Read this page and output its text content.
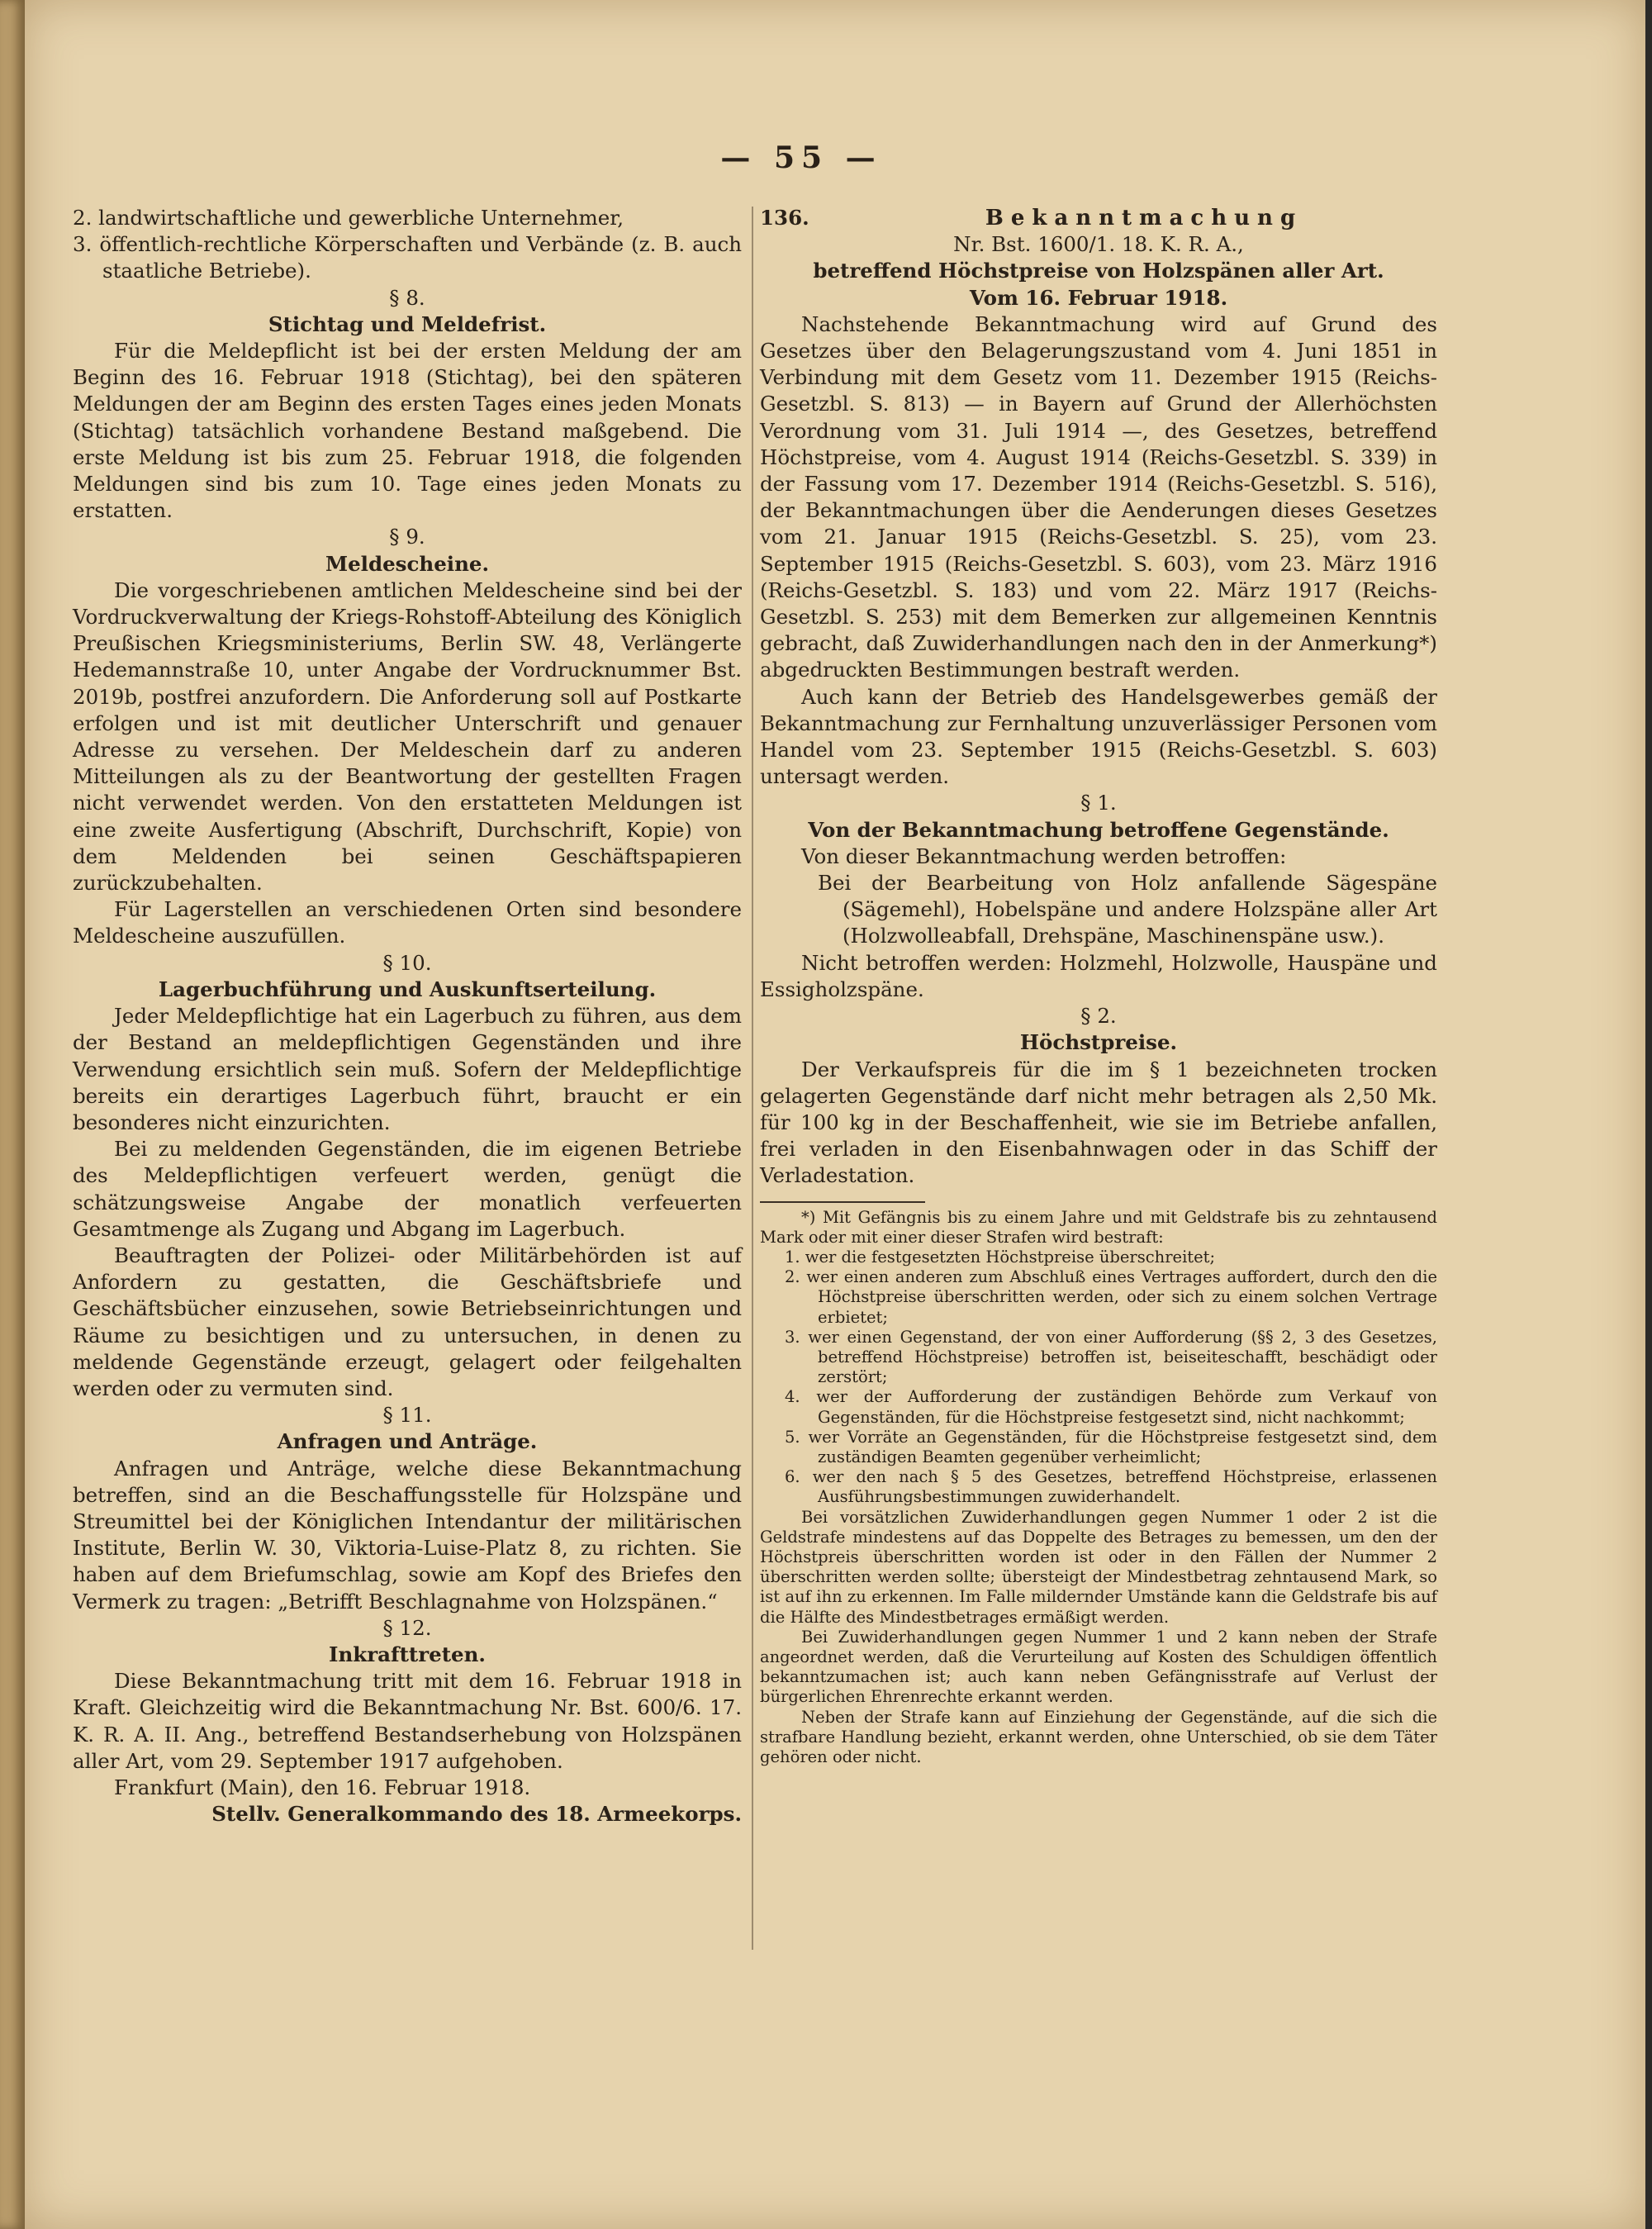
— 55 —

2. landwirtschaftliche und gewerbliche Unternehmer,

3. öffentlich-rechtliche Körperschaften und Verbände (z. B. auch staatliche Betriebe).

§ 8.

Stichtag und Meldefrist.

Für die Meldepflicht ist bei der ersten Meldung der am Beginn des 16. Februar 1918 (Stichtag), bei den späteren Meldungen der am Beginn des ersten Tages eines jeden Monats (Stichtag) tatsächlich vorhandene Bestand maßgebend. Die erste Meldung ist bis zum 25. Februar 1918, die folgenden Meldungen sind bis zum 10. Tage eines jeden Monats zu erstatten.

§ 9.

Meldescheine.

Die vorgeschriebenen amtlichen Meldescheine sind bei der Vordruckverwaltung der Kriegs-Rohstoff-Abteilung des Königlich Preußischen Kriegsministeriums, Berlin SW. 48, Verlängerte Hedemannstraße 10, unter Angabe der Vordrucknummer Bst. 2019b, postfrei anzufordern. Die Anforderung soll auf Postkarte erfolgen und ist mit deutlicher Unterschrift und genauer Adresse zu versehen. Der Meldeschein darf zu anderen Mitteilungen als zu der Beantwortung der gestellten Fragen nicht verwendet werden. Von den erstatteten Meldungen ist eine zweite Ausfertigung (Abschrift, Durchschrift, Kopie) von dem Meldenden bei seinen Geschäftspapieren zurückzubehalten.

Für Lagerstellen an verschiedenen Orten sind besondere Meldescheine auszufüllen.

§ 10.

Lagerbuchführung und Auskunftserteilung.

Jeder Meldepflichtige hat ein Lagerbuch zu führen, aus dem der Bestand an meldepflichtigen Gegenständen und ihre Verwendung ersichtlich sein muß. Sofern der Meldepflichtige bereits ein derartiges Lagerbuch führt, braucht er ein besonderes nicht einzurichten.

Bei zu meldenden Gegenständen, die im eigenen Betriebe des Meldepflichtigen verfeuert werden, genügt die schätzungsweise Angabe der monatlich verfeuerten Gesamtmenge als Zugang und Abgang im Lagerbuch.

Beauftragten der Polizei- oder Militärbehörden ist auf Anfordern zu gestatten, die Geschäftsbriefe und Geschäftsbücher einzusehen, sowie Betriebseinrichtungen und Räume zu besichtigen und zu untersuchen, in denen zu meldende Gegenstände erzeugt, gelagert oder feilgehalten werden oder zu vermuten sind.

§ 11.

Anfragen und Anträge.

Anfragen und Anträge, welche diese Bekanntmachung betreffen, sind an die Beschaffungsstelle für Holzspäne und Streumittel bei der Königlichen Intendantur der militärischen Institute, Berlin W. 30, Viktoria-Luise-Platz 8, zu richten. Sie haben auf dem Briefumschlag, sowie am Kopf des Briefes den Vermerk zu tragen: „Betrifft Beschlagnahme von Holzspänen.“

§ 12.

Inkrafttreten.

Diese Bekanntmachung tritt mit dem 16. Februar 1918 in Kraft. Gleichzeitig wird die Bekanntmachung Nr. Bst. 600/6. 17. K. R. A. II. Ang., betreffend Bestandserhebung von Holzspänen aller Art, vom 29. September 1917 aufgehoben.

Frankfurt (Main), den 16. Februar 1918.

Stellv. Generalkommando des 18. Armeekorps.

136.	Bekanntmachung

Nr. Bst. 1600/1. 18. K. R. A.,

betreffend Höchstpreise von Holzspänen aller Art.

Vom 16. Februar 1918.

Nachstehende Bekanntmachung wird auf Grund des Gesetzes über den Belagerungszustand vom 4. Juni 1851 in Verbindung mit dem Gesetz vom 11. Dezember 1915 (Reichs-Gesetzbl. S. 813) — in Bayern auf Grund der Allerhöchsten Verordnung vom 31. Juli 1914 —, des Gesetzes, betreffend Höchstpreise, vom 4. August 1914 (Reichs-Gesetzbl. S. 339) in der Fassung vom 17. Dezember 1914 (Reichs-Gesetzbl. S. 516), der Bekanntmachungen über die Aenderungen dieses Gesetzes vom 21. Januar 1915 (Reichs-Gesetzbl. S. 25), vom 23. September 1915 (Reichs-Gesetzbl. S. 603), vom 23. März 1916 (Reichs-Gesetzbl. S. 183) und vom 22. März 1917 (Reichs-Gesetzbl. S. 253) mit dem Bemerken zur allgemeinen Kenntnis gebracht, daß Zuwiderhandlungen nach den in der Anmerkung*) abgedruckten Bestimmungen bestraft werden.

Auch kann der Betrieb des Handelsgewerbes gemäß der Bekanntmachung zur Fernhaltung unzuverlässiger Personen vom Handel vom 23. September 1915 (Reichs-Gesetzbl. S. 603) untersagt werden.

§ 1.

Von der Bekanntmachung betroffene Gegenstände.

Von dieser Bekanntmachung werden betroffen:

Bei der Bearbeitung von Holz anfallende Sägespäne (Sägemehl), Hobelspäne und andere Holzspäne aller Art (Holzwolleabfall, Drehspäne, Maschinenspäne usw.).

Nicht betroffen werden: Holzmehl, Holzwolle, Hauspäne und Essigholzspäne.

§ 2.

Höchstpreise.

Der Verkaufspreis für die im § 1 bezeichneten trocken gelagerten Gegenstände darf nicht mehr betragen als 2,50 Mk. für 100 kg in der Beschaffenheit, wie sie im Betriebe anfallen, frei verladen in den Eisenbahnwagen oder in das Schiff der Verladestation.

*) Mit Gefängnis bis zu einem Jahre und mit Geldstrafe bis zu zehntausend Mark oder mit einer dieser Strafen wird bestraft:

1. wer die festgesetzten Höchstpreise überschreitet;

2. wer einen anderen zum Abschluß eines Vertrages auffordert, durch den die Höchstpreise überschritten werden, oder sich zu einem solchen Vertrage erbietet;

3. wer einen Gegenstand, der von einer Aufforderung (§§ 2, 3 des Gesetzes, betreffend Höchstpreise) betroffen ist, beiseiteschafft, beschädigt oder zerstört;

4. wer der Aufforderung der zuständigen Behörde zum Verkauf von Gegenständen, für die Höchstpreise festgesetzt sind, nicht nachkommt;

5. wer Vorräte an Gegenständen, für die Höchstpreise festgesetzt sind, dem zuständigen Beamten gegenüber verheimlicht;

6. wer den nach § 5 des Gesetzes, betreffend Höchstpreise, erlassenen Ausführungsbestimmungen zuwiderhandelt.

Bei vorsätzlichen Zuwiderhandlungen gegen Nummer 1 oder 2 ist die Geldstrafe mindestens auf das Doppelte des Betrages zu bemessen, um den der Höchstpreis überschritten worden ist oder in den Fällen der Nummer 2 überschritten werden sollte; übersteigt der Mindestbetrag zehntausend Mark, so ist auf ihn zu erkennen. Im Falle mildernder Umstände kann die Geldstrafe bis auf die Hälfte des Mindestbetrages ermäßigt werden.

Bei Zuwiderhandlungen gegen Nummer 1 und 2 kann neben der Strafe angeordnet werden, daß die Verurteilung auf Kosten des Schuldigen öffentlich bekanntzumachen ist; auch kann neben Gefängnisstrafe auf Verlust der bürgerlichen Ehrenrechte erkannt werden.

Neben der Strafe kann auf Einziehung der Gegenstände, auf die sich die strafbare Handlung bezieht, erkannt werden, ohne Unterschied, ob sie dem Täter gehören oder nicht.
